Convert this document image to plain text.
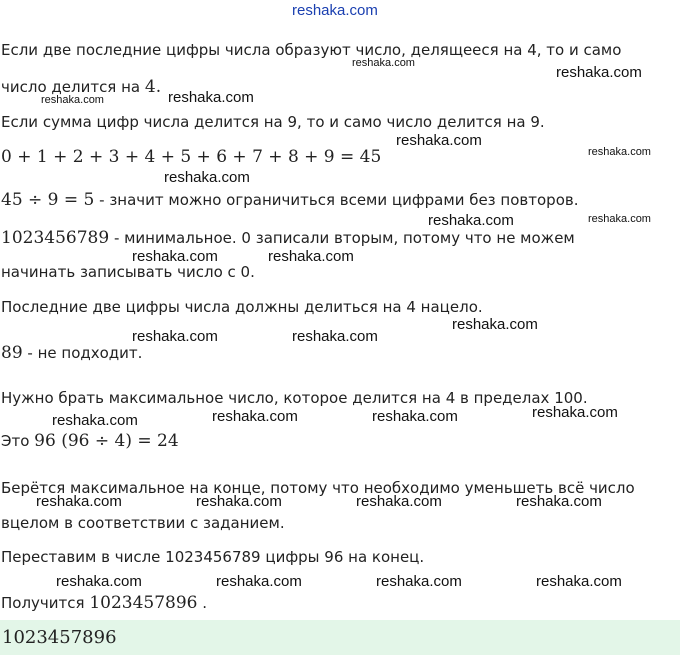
reshaka.com
Если две последние цифры числа образуют число, делящееся на 4, то и само
число делится на 4.
Если сумма цифр числа делится на 9, то и само число делится на 9.
0 + 1 + 2 + 3 + 4 + 5 + 6 + 7 + 8 + 9 = 45
45 ÷ 9 = 5 - значит можно ограничиться всеми цифрами без повторов.
1023456789 - минимальное. 0 записали вторым, потому что не можем
начинать записывать число с 0.
Последние две цифры числа должны делиться на 4 нацело.
89 - не подходит.
Нужно брать максимальное число, которое делится на 4 в пределах 100.
Это 96 (96 ÷ 4) = 24
Берётся максимальное на конце, потому что необходимо уменьшеть всё число
вцелом в соответствии с заданием.
Переставим в числе 1023456789 цифры 96 на конец.
Получится 1023457896 .
reshaka.com
reshaka.com
reshaka.com	reshaka.com
reshaka.com
reshaka.com
reshaka.com
reshaka.com	reshaka.com
reshaka.com	reshaka.com
reshaka.com
reshaka.com	reshaka.com
reshaka.com
reshaka.com	reshaka.com	reshaka.com
reshaka.com	reshaka.com	reshaka.com	reshaka.com
reshaka.com	reshaka.com	reshaka.com	reshaka.com
1023457896
